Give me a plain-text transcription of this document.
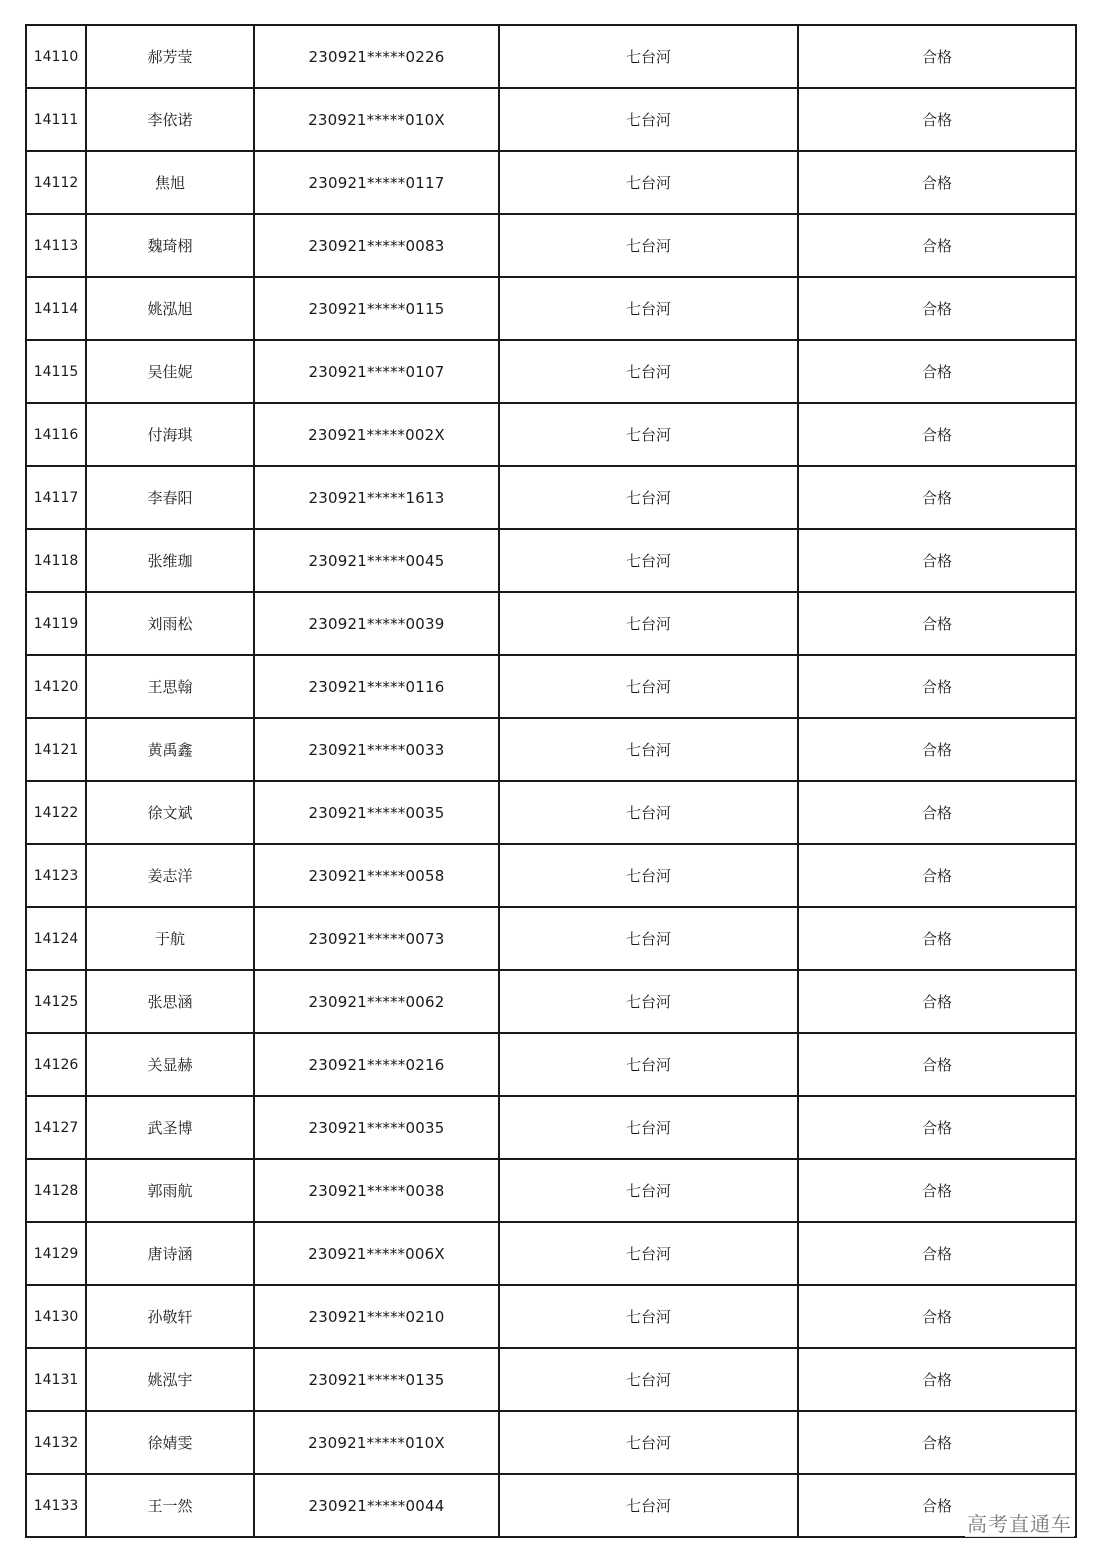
14110	郝芳莹	230921*****0226	七台河	合格
14111	李依诺	230921*****010X	七台河	合格
14112	焦旭	230921*****0117	七台河	合格
14113	魏琦栩	230921*****0083	七台河	合格
14114	姚泓旭	230921*****0115	七台河	合格
14115	吴佳妮	230921*****0107	七台河	合格
14116	付海琪	230921*****002X	七台河	合格
14117	李春阳	230921*****1613	七台河	合格
14118	张维珈	230921*****0045	七台河	合格
14119	刘雨松	230921*****0039	七台河	合格
14120	王思翰	230921*****0116	七台河	合格
14121	黄禹鑫	230921*****0033	七台河	合格
14122	徐文斌	230921*****0035	七台河	合格
14123	姜志洋	230921*****0058	七台河	合格
14124	于航	230921*****0073	七台河	合格
14125	张思涵	230921*****0062	七台河	合格
14126	关显赫	230921*****0216	七台河	合格
14127	武圣博	230921*****0035	七台河	合格
14128	郭雨航	230921*****0038	七台河	合格
14129	唐诗涵	230921*****006X	七台河	合格
14130	孙敬轩	230921*****0210	七台河	合格
14131	姚泓宇	230921*****0135	七台河	合格
14132	徐婧雯	230921*****010X	七台河	合格
14133	王一然	230921*****0044	七台河	合格
高考直通车
